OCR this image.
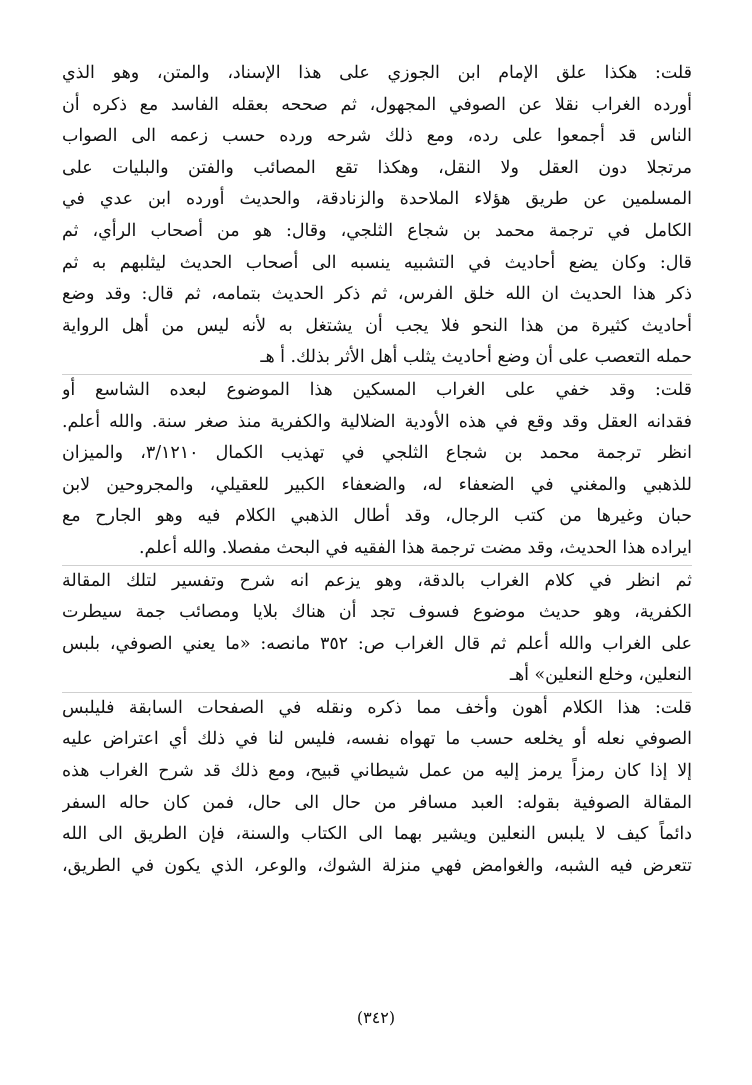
قلت: هكذا علق الإمام ابن الجوزي على هذا الإسناد، والمتن، وهو الذي
أورده الغراب نقلا عن الصوفي المجهول، ثم صححه بعقله الفاسد مع ذكره أن
الناس قد أجمعوا على رده، ومع ذلك شرحه ورده حسب زعمه الى الصواب
مرتجلا دون العقل ولا النقل، وهكذا تقع المصائب والفتن والبليات على
المسلمين عن طريق هؤلاء الملاحدة والزنادقة، والحديث أورده ابن عدي في
الكامل في ترجمة محمد بن شجاع الثلجي، وقال: هو من أصحاب الرأي، ثم
قال: وكان يضع أحاديث في التشبيه ينسبه الى أصحاب الحديث ليثلبهم به ثم
ذكر هذا الحديث ان الله خلق الفرس، ثم ذكر الحديث بتمامه، ثم قال: وقد وضع
أحاديث كثيرة من هذا النحو فلا يجب أن يشتغل به لأنه ليس من أهل الرواية
حمله التعصب على أن وضع أحاديث يثلب أهل الأثر بذلك. أ هـ
قلت: وقد خفي على الغراب المسكين هذا الموضوع لبعده الشاسع أو
فقدانه العقل وقد وقع في هذه الأودية الضلالية والكفرية منذ صغر سنة. والله أعلم.
انظر ترجمة محمد بن شجاع الثلجي في تهذيب الكمال ٣/١٢١٠، والميزان
للذهبي والمغني في الضعفاء له، والضعفاء الكبير للعقيلي، والمجروحين لابن
حبان وغيرها من كتب الرجال، وقد أطال الذهبي الكلام فيه وهو الجارح مع
ايراده هذا الحديث، وقد مضت ترجمة هذا الفقيه في البحث مفصلا. والله أعلم.
ثم انظر في كلام الغراب بالدقة، وهو يزعم انه شرح وتفسير لتلك المقالة
الكفرية، وهو حديث موضوع فسوف تجد أن هناك بلايا ومصائب جمة سيطرت
على الغراب والله أعلم ثم قال الغراب ص: ٣٥٢ مانصه: «ما يعني الصوفي، بلبس
النعلين، وخلع النعلين» أهـ
قلت: هذا الكلام أهون وأخف مما ذكره ونقله في الصفحات السابقة فليلبس
الصوفي نعله أو يخلعه حسب ما تهواه نفسه، فليس لنا في ذلك أي اعتراض عليه
إلا إذا كان رمزاً يرمز إليه من عمل شيطاني قبيح، ومع ذلك قد شرح الغراب هذه
المقالة الصوفية بقوله: العبد مسافر من حال الى حال، فمن كان حاله السفر
دائماً كيف لا يلبس النعلين ويشير بهما الى الكتاب والسنة، فإن الطريق الى الله
تتعرض فيه الشبه، والغوامض فهي منزلة الشوك، والوعر، الذي يكون في الطريق،
(٣٤٢)
